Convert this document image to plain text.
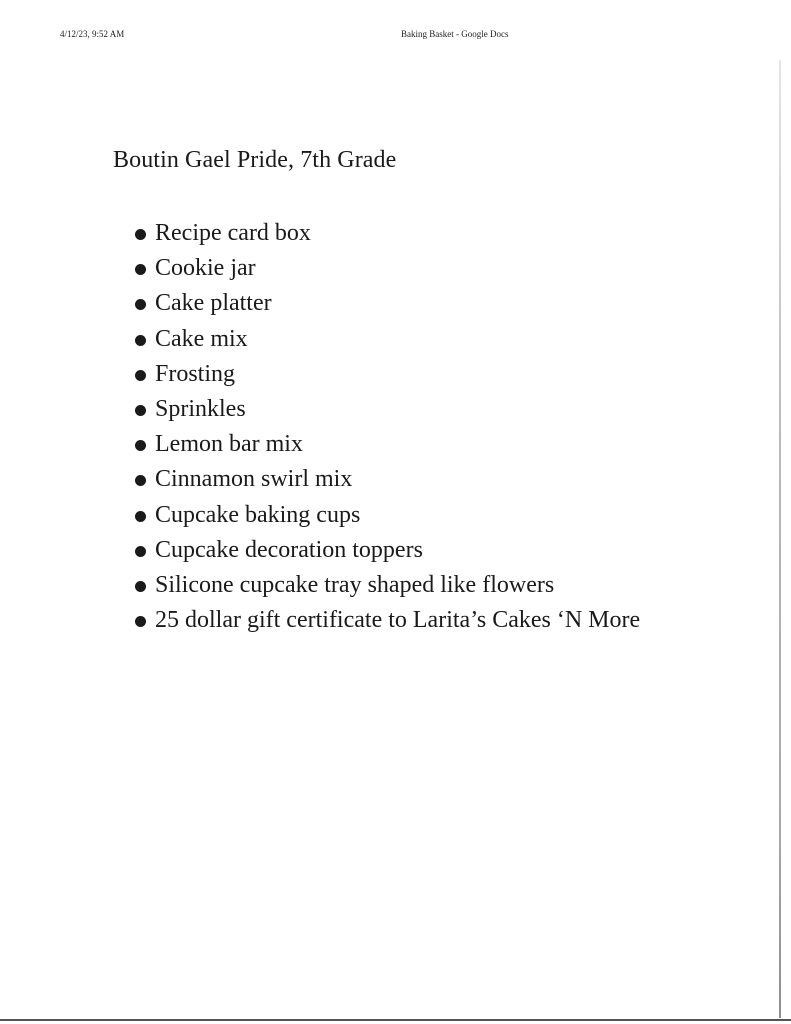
4/12/23, 9:52 AM	Baking Basket - Google Docs
Boutin Gael Pride, 7th Grade
Recipe card box
Cookie jar
Cake platter
Cake mix
Frosting
Sprinkles
Lemon bar mix
Cinnamon swirl mix
Cupcake baking cups
Cupcake decoration toppers
Silicone cupcake tray shaped like flowers
25 dollar gift certificate to Larita’s Cakes ‘N More
